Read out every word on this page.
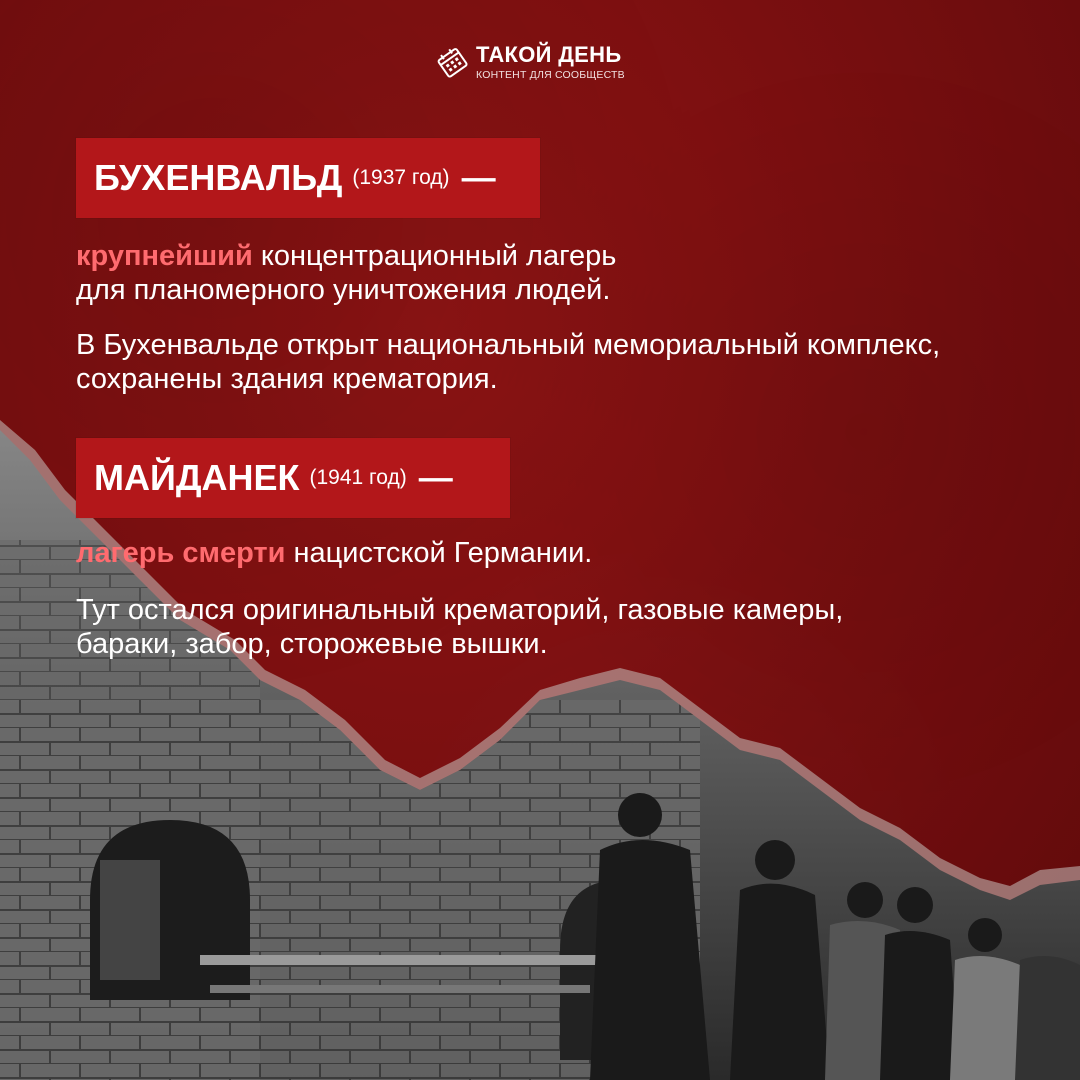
ТАКОЙ ДЕНЬ
КОНТЕНТ ДЛЯ СООБЩЕСТВ
БУХЕНВАЛЬД (1937 год) —
крупнейший концентрационный лагерь
для планомерного уничтожения людей.
В Бухенвальде открыт национальный мемориальный комплекс, сохранены здания крематория.
МАЙДАНЕК (1941 год) —
лагерь смерти нацистской Германии.
Тут остался оригинальный крематорий, газовые камеры, бараки, забор, сторожевые вышки.
